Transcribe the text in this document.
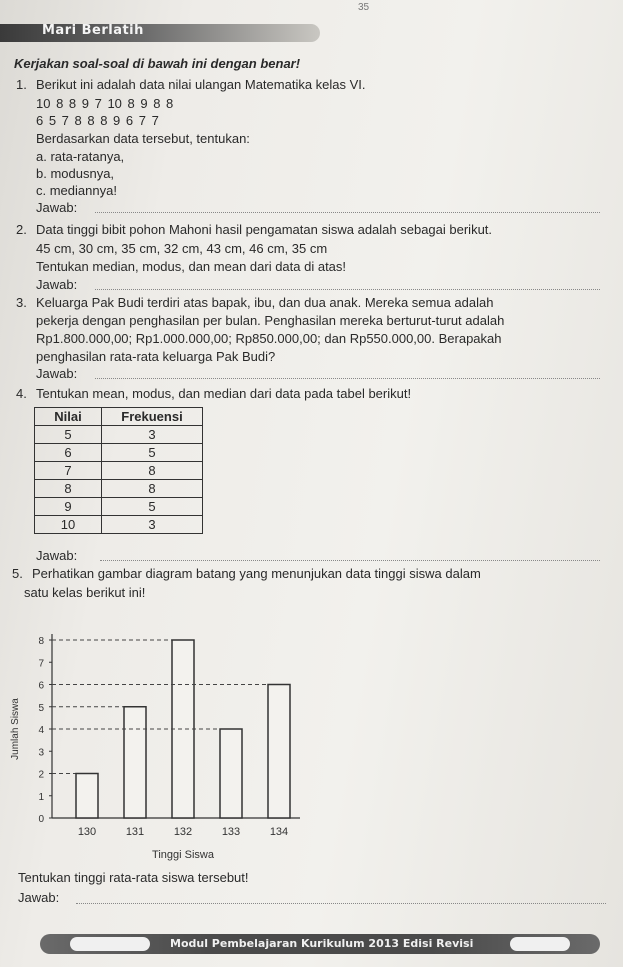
35
Mari Berlatih
Kerjakan soal-soal di bawah ini dengan benar!
1. Berikut ini adalah data nilai ulangan Matematika kelas VI.
10 8 8 9 7 10 8 9 8 8
6 5 7 8 8 8 9 6 7 7
Berdasarkan data tersebut, tentukan:
a. rata-ratanya,
b. modusnya,
c. mediannya!
Jawab:
2. Data tinggi bibit pohon Mahoni hasil pengamatan siswa adalah sebagai berikut.
45 cm, 30 cm, 35 cm, 32 cm, 43 cm, 46 cm, 35 cm
Tentukan median, modus, dan mean dari data di atas!
Jawab:
3. Keluarga Pak Budi terdiri atas bapak, ibu, dan dua anak. Mereka semua adalah
pekerja dengan penghasilan per bulan. Penghasilan mereka berturut-turut adalah
Rp1.800.000,00; Rp1.000.000,00; Rp850.000,00; dan Rp550.000,00. Berapakah
penghasilan rata-rata keluarga Pak Budi?
Jawab:
4. Tentukan mean, modus, dan median dari data pada tabel berikut!
Nilai	Frekuensi
5	3
6	5
7	8
8	8
9	5
10	3
Jawab:
5. Perhatikan gambar diagram batang yang menunjukan data tinggi siswa dalam
satu kelas berikut ini!
0
1
2
3
4
5
6
7
8
Jumlah Siswa
130	131	132	133	134
Tinggi Siswa
Tentukan tinggi rata-rata siswa tersebut!
Jawab:
Modul Pembelajaran Kurikulum 2013 Edisi Revisi
